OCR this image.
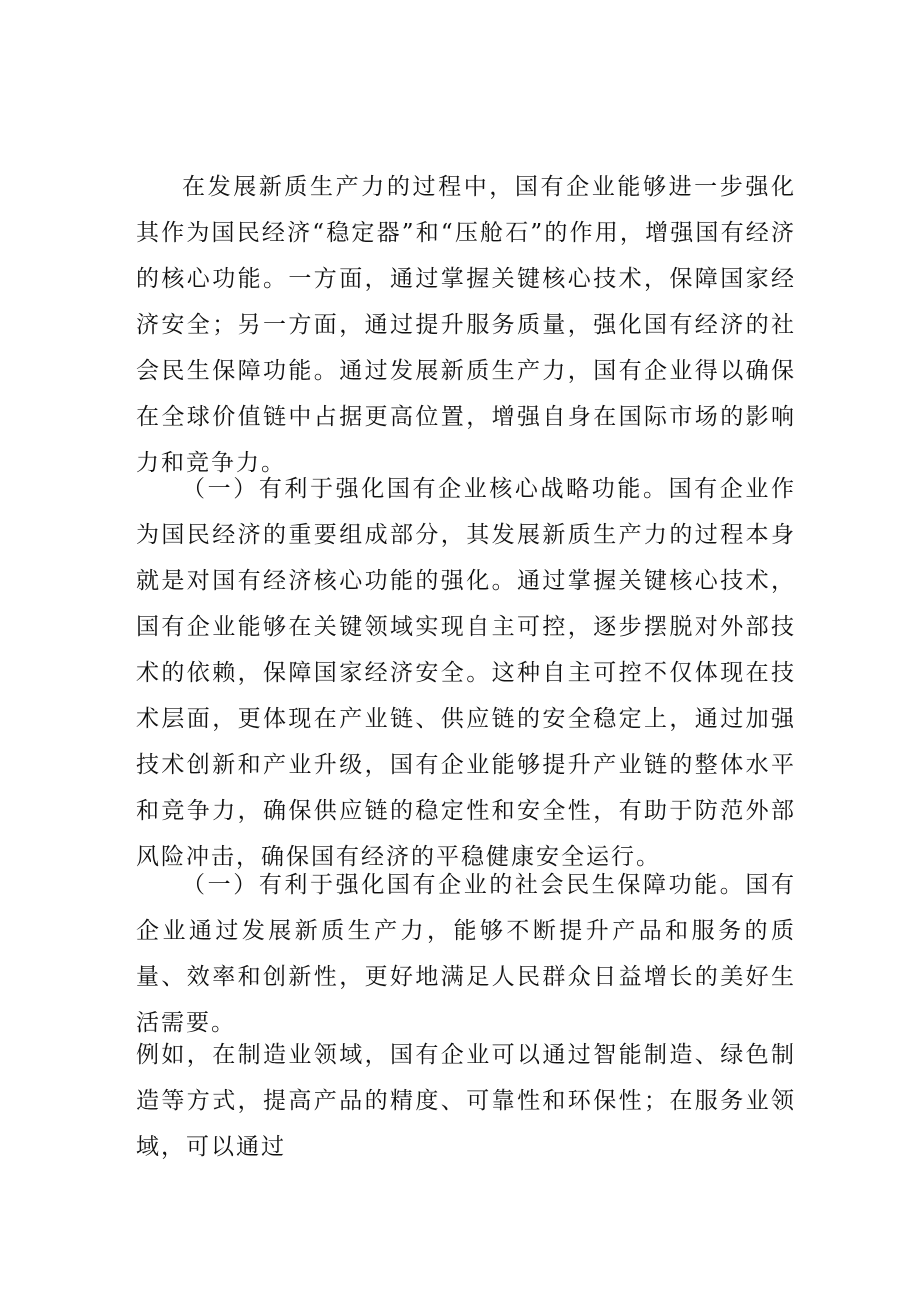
在发展新质生产力的过程中，国有企业能够进一步强化其作为国民经济“稳定器”和“压舱石”的作用，增强国有经济的核心功能。一方面，通过掌握关键核心技术，保障国家经济安全；另一方面，通过提升服务质量，强化国有经济的社会民生保障功能。通过发展新质生产力，国有企业得以确保在全球价值链中占据更高位置，增强自身在国际市场的影响力和竞争力。

（一）有利于强化国有企业核心战略功能。国有企业作为国民经济的重要组成部分，其发展新质生产力的过程本身就是对国有经济核心功能的强化。通过掌握关键核心技术，国有企业能够在关键领域实现自主可控，逐步摆脱对外部技术的依赖，保障国家经济安全。这种自主可控不仅体现在技术层面，更体现在产业链、供应链的安全稳定上，通过加强技术创新和产业升级，国有企业能够提升产业链的整体水平和竞争力，确保供应链的稳定性和安全性，有助于防范外部风险冲击，确保国有经济的平稳健康安全运行。

（一）有利于强化国有企业的社会民生保障功能。国有企业通过发展新质生产力，能够不断提升产品和服务的质量、效率和创新性，更好地满足人民群众日益增长的美好生活需要。

例如，在制造业领域，国有企业可以通过智能制造、绿色制造等方式，提高产品的精度、可靠性和环保性；在服务业领域，可以通过
